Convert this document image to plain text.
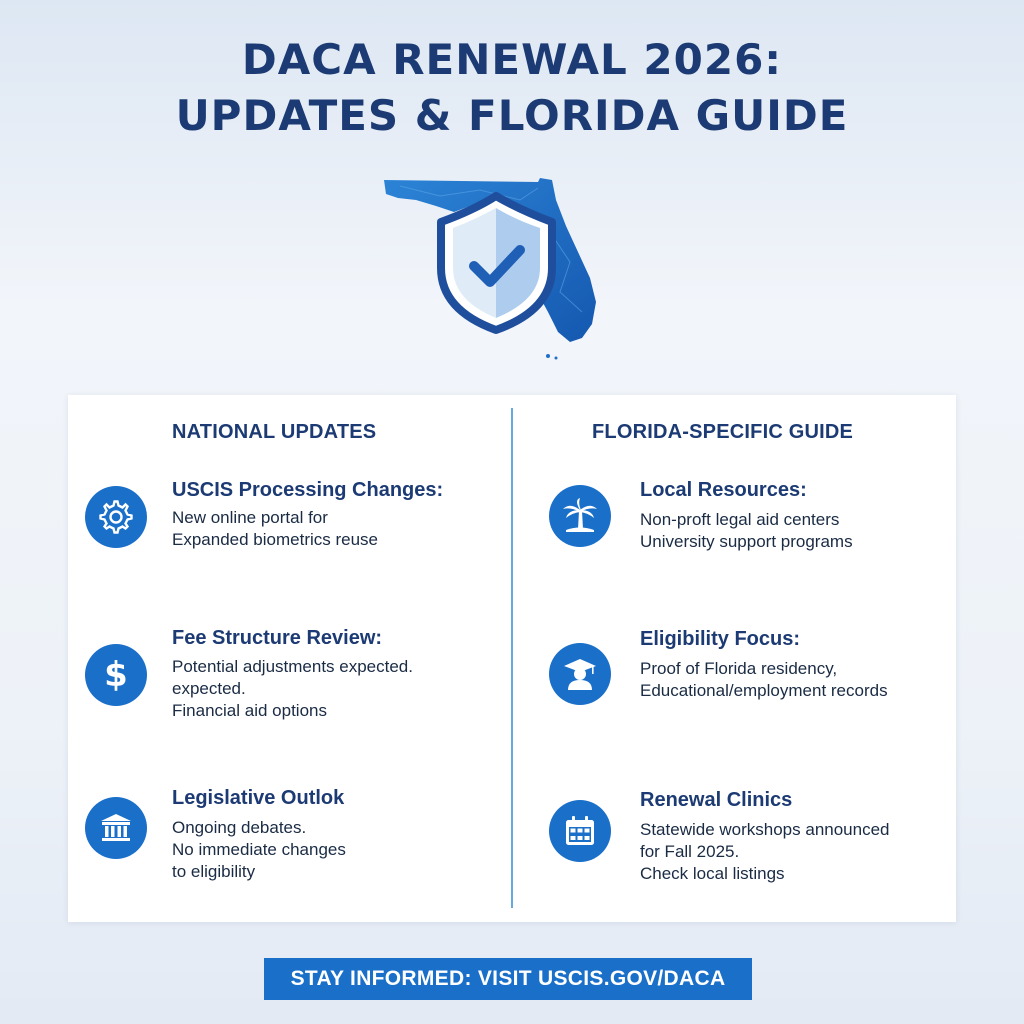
DACA RENEWAL 2026:
UPDATES & FLORIDA GUIDE
NATIONAL UPDATES	FLORIDA-SPECIFIC GUIDE
USCIS Processing Changes:
New online portal for
Expanded biometrics reuse
$
Fee Structure Review:
Potential adjustments expected.
expected.
Financial aid options
Legislative Outlok
Ongoing debates.
No immediate changes
to eligibility
Local Resources:
Non-proft legal aid centers
University support programs
Eligibility Focus:
Proof of Florida residency,
Educational/employment records
Renewal Clinics
Statewide workshops announced
for Fall 2025.
Check local listings
STAY INFORMED: VISIT USCIS.GOV/DACA
